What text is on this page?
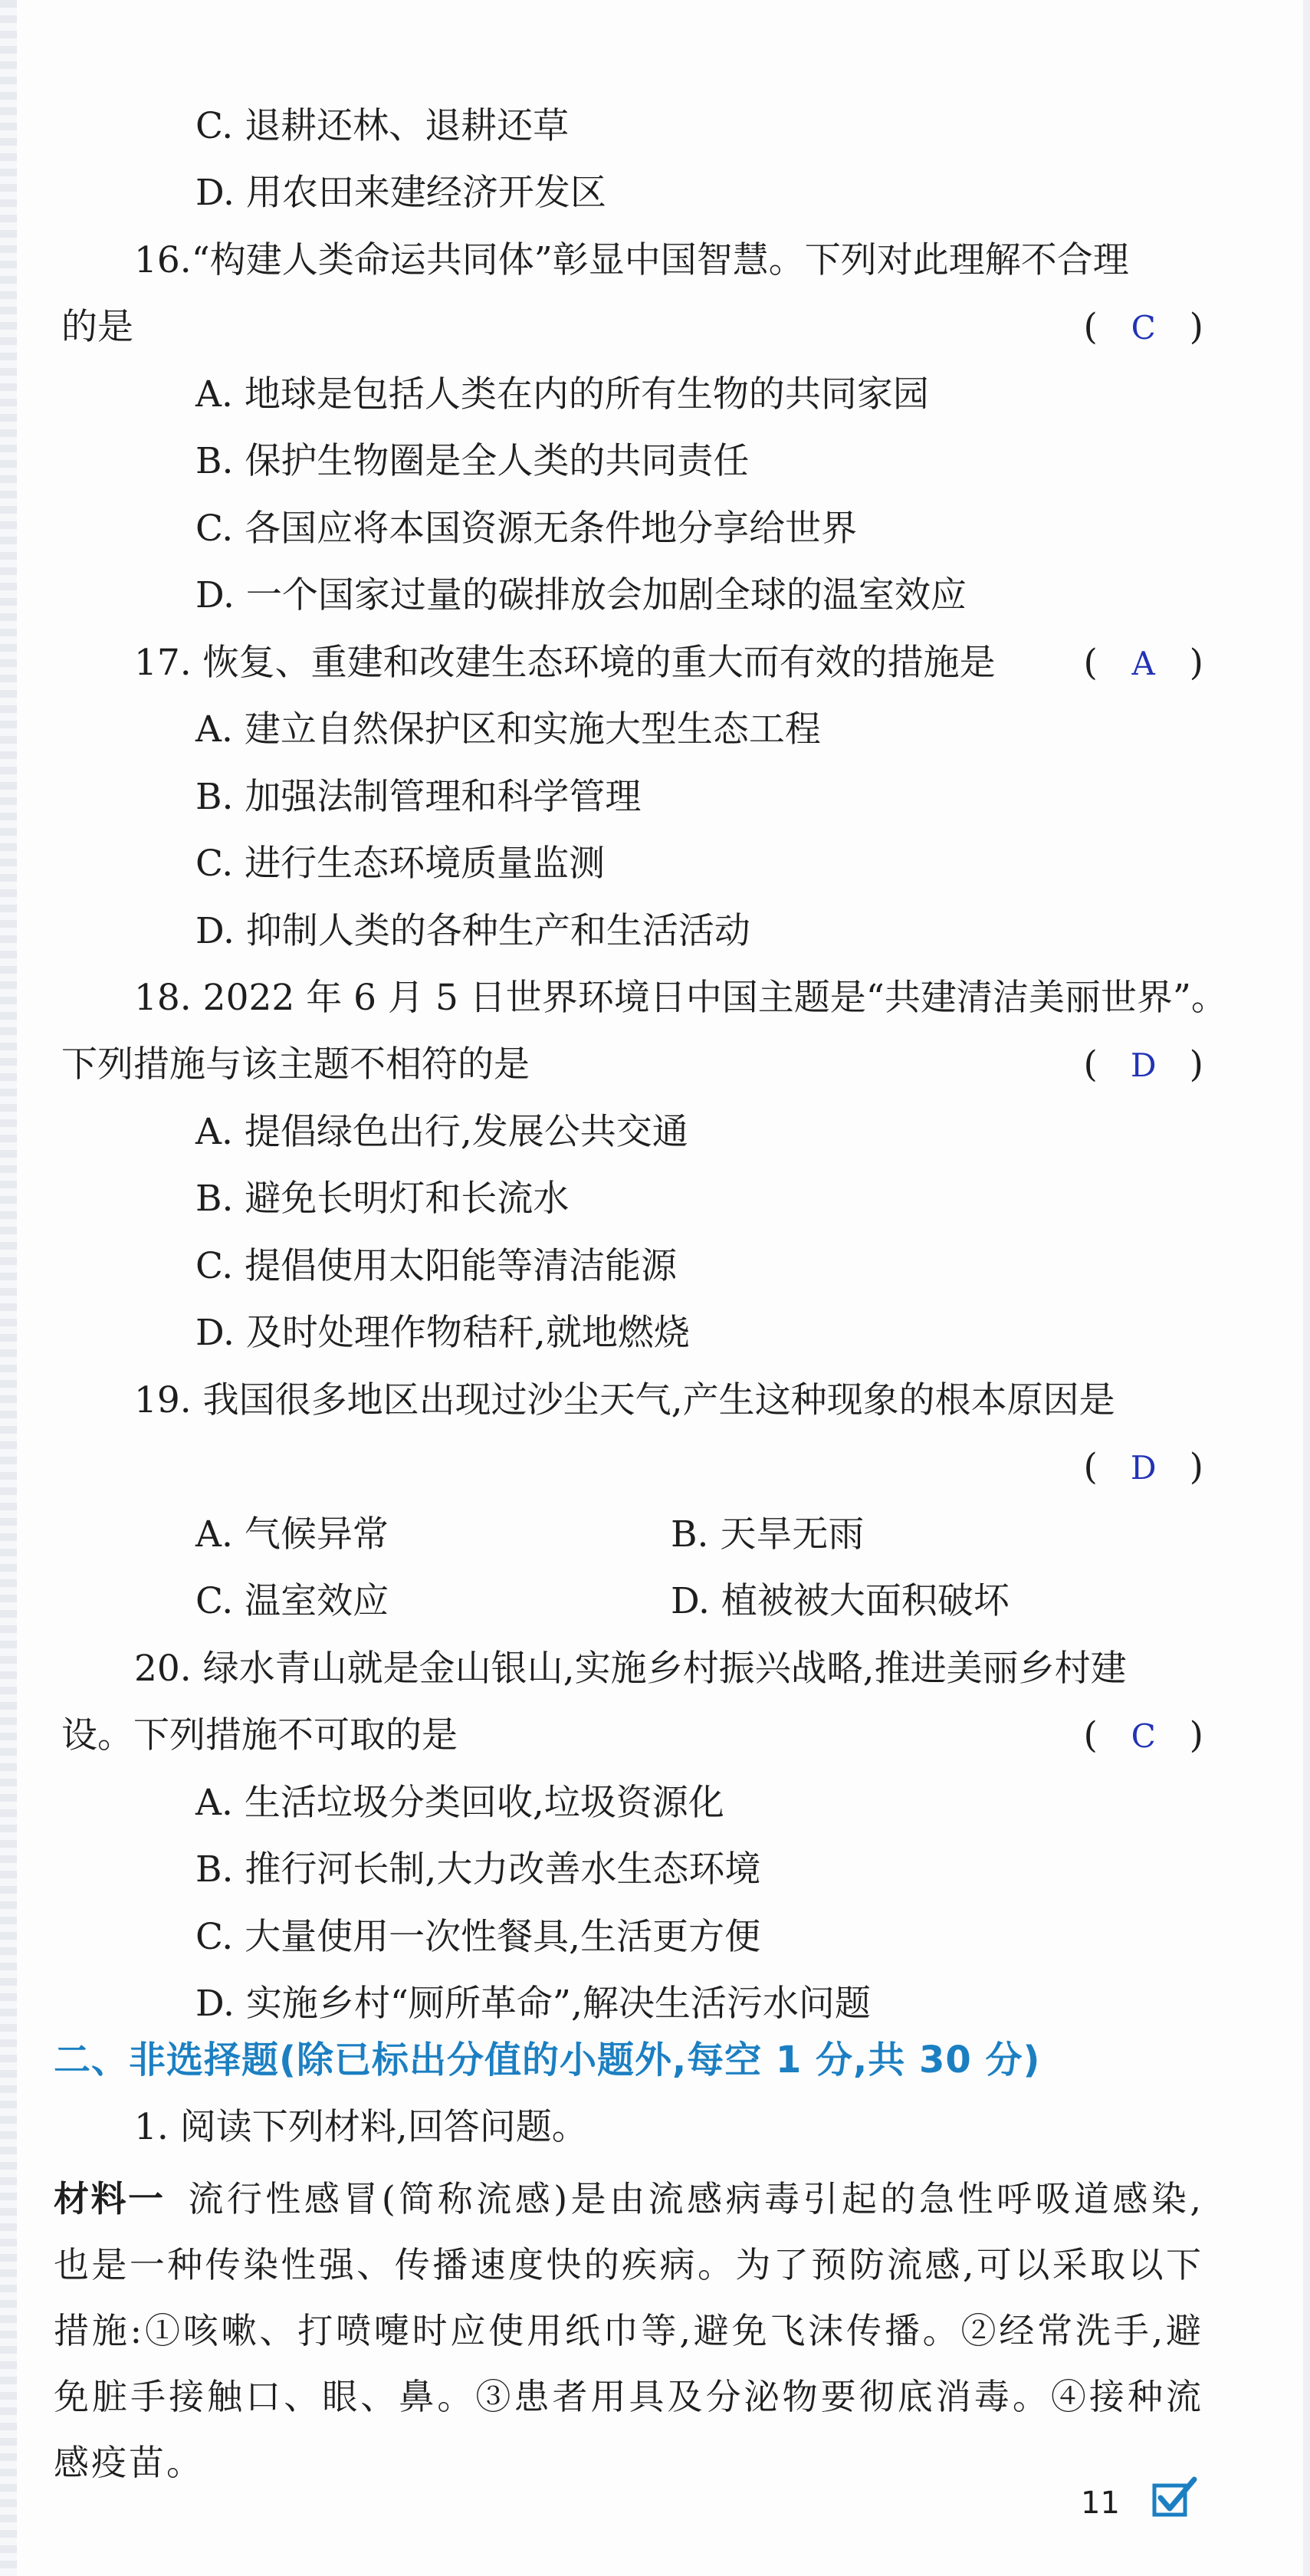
C. 退耕还林、退耕还草
D. 用农田来建经济开发区
16.“构建人类命运共同体”彰显中国智慧。下列对此理解不合理
的是	( C )
A. 地球是包括人类在内的所有生物的共同家园
B. 保护生物圈是全人类的共同责任
C. 各国应将本国资源无条件地分享给世界
D. 一个国家过量的碳排放会加剧全球的温室效应
17. 恢复、重建和改建生态环境的重大而有效的措施是 ( A )
A. 建立自然保护区和实施大型生态工程
B. 加强法制管理和科学管理
C. 进行生态环境质量监测
D. 抑制人类的各种生产和生活活动
18. 2022 年 6 月 5 日世界环境日中国主题是“共建清洁美丽世界”。
下列措施与该主题不相符的是	( D )
A. 提倡绿色出行,发展公共交通
B. 避免长明灯和长流水
C. 提倡使用太阳能等清洁能源
D. 及时处理作物秸秆,就地燃烧
19. 我国很多地区出现过沙尘天气,产生这种现象的根本原因是
( D )
A. 气候异常	B. 天旱无雨
C. 温室效应	D. 植被被大面积破坏
20. 绿水青山就是金山银山,实施乡村振兴战略,推进美丽乡村建
设。下列措施不可取的是	( C )
A. 生活垃圾分类回收,垃圾资源化
B. 推行河长制,大力改善水生态环境
C. 大量使用一次性餐具,生活更方便
D. 实施乡村“厕所革命”,解决生活污水问题
二、非选择题(除已标出分值的小题外,每空 1 分,共 30 分)
1. 阅读下列材料,回答问题。
材料一 流行性感冒(简称流感)是由流感病毒引起的急性呼吸道感染,也是一种传染性强、传播速度快的疾病。为了预防流感,可以采取以下措施:①咳嗽、打喷嚏时应使用纸巾等,避免飞沫传播。②经常洗手,避免脏手接触口、眼、鼻。③患者用具及分泌物要彻底消毒。④接种流感疫苗。
11
